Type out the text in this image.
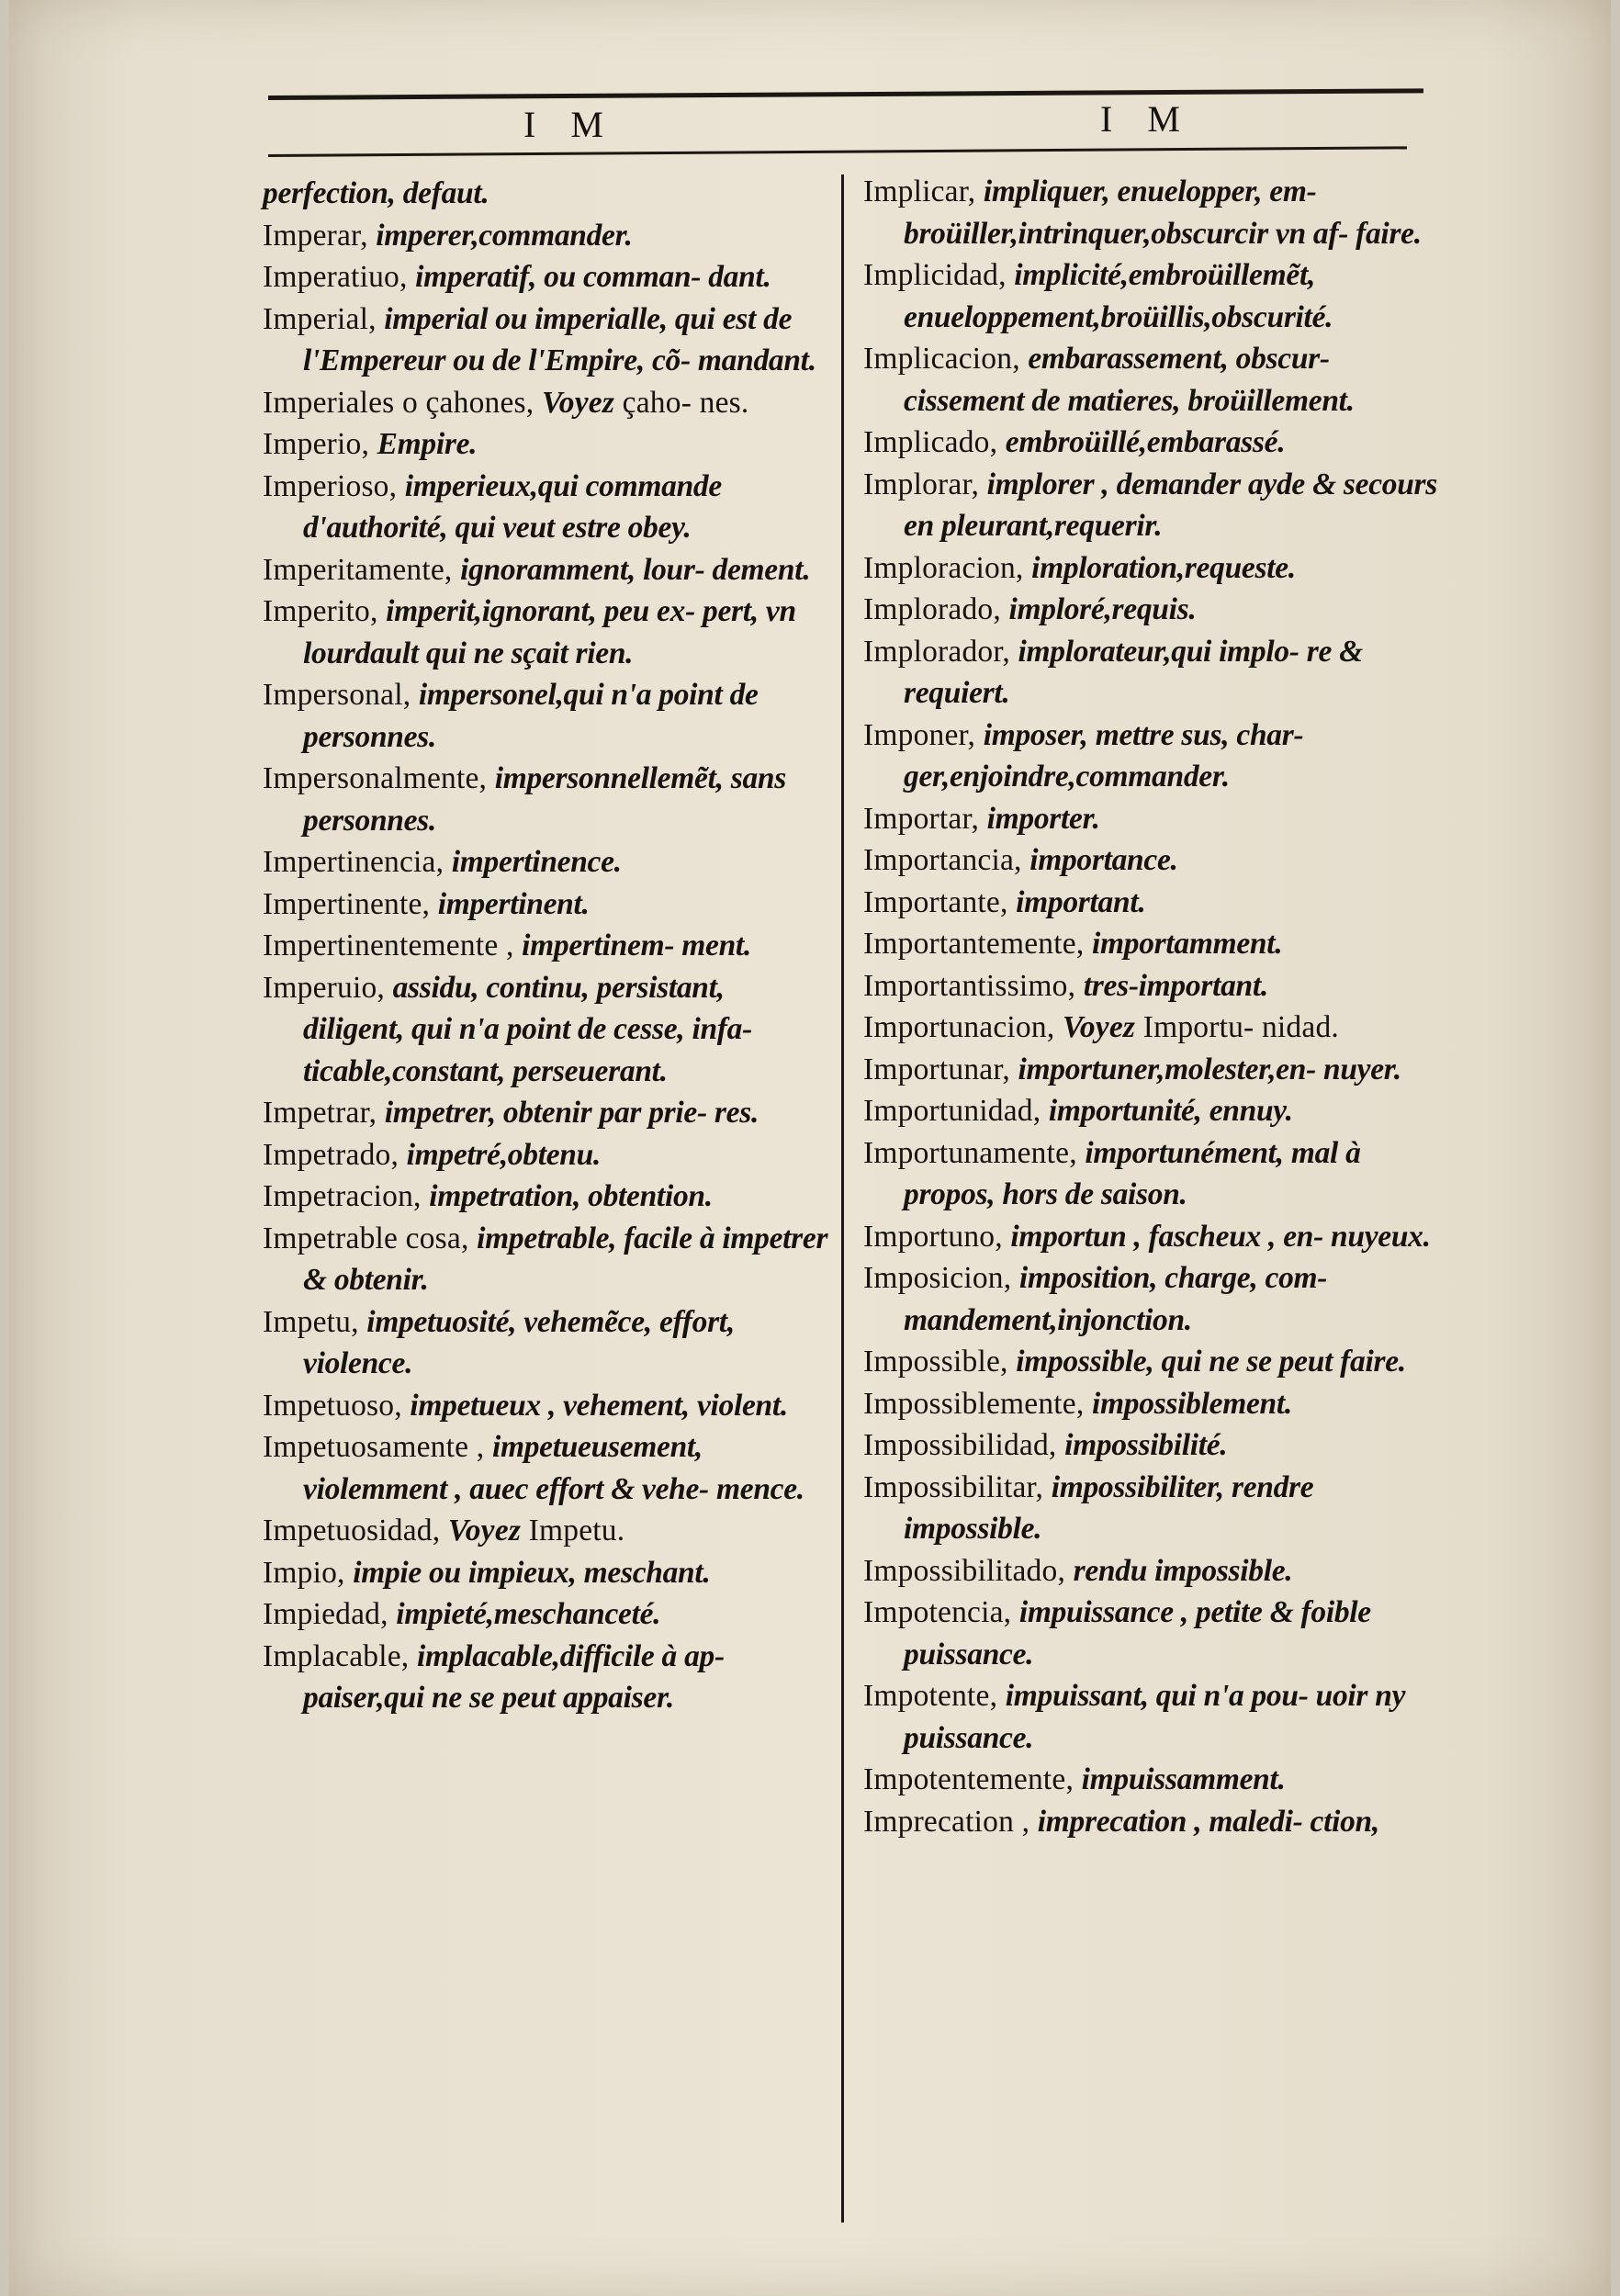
I M	I M

perfection, defaut.

Imperar, imperer,commander.

Imperatiuo, imperatif, ou comman- dant.

Imperial, imperial ou imperialle, qui est de l'Empereur ou de l'Empire, cõ- mandant.

Imperiales o çahones, Voyez çaho- nes.

Imperio, Empire.

Imperioso, imperieux,qui commande d'authorité, qui veut estre obey.

Imperitamente, ignoramment, lour- dement.

Imperito, imperit,ignorant, peu ex- pert, vn lourdault qui ne sçait rien.

Impersonal, impersonel,qui n'a point de personnes.

Impersonalmente, impersonnellemẽt, sans personnes.

Impertinencia, impertinence.

Impertinente, impertinent.

Impertinentemente , impertinem- ment.

Imperuio, assidu, continu, persistant, diligent, qui n'a point de cesse, infa- ticable,constant, perseuerant.

Impetrar, impetrer, obtenir par prie- res.

Impetrado, impetré,obtenu.

Impetracion, impetration, obtention.

Impetrable cosa, impetrable, facile à impetrer & obtenir.

Impetu, impetuosité, vehemẽce, effort, violence.

Impetuoso, impetueux , vehement, violent.

Impetuosamente , impetueusement, violemment , auec effort & vehe- mence.

Impetuosidad, Voyez Impetu.

Impio, impie ou impieux, meschant.

Impiedad, impieté,meschanceté.

Implacable, implacable,difficile à ap- paiser,qui ne se peut appaiser.

Implicar, impliquer, enuelopper, em- broüiller,intrinquer,obscurcir vn af- faire.

Implicidad, implicité,embroüillemẽt, enueloppement,broüillis,obscurité.

Implicacion, embarassement, obscur- cissement de matieres, broüillement.

Implicado, embroüillé,embarassé.

Implorar, implorer , demander ayde & secours en pleurant,requerir.

Imploracion, imploration,requeste.

Implorado, imploré,requis.

Implorador, implorateur,qui implo- re & requiert.

Imponer, imposer, mettre sus, char- ger,enjoindre,commander.

Importar, importer.

Importancia, importance.

Importante, important.

Importantemente, importamment.

Importantissimo, tres-important.

Importunacion, Voyez Importu- nidad.

Importunar, importuner,molester,en- nuyer.

Importunidad, importunité, ennuy.

Importunamente, importunément, mal à propos, hors de saison.

Importuno, importun , fascheux , en- nuyeux.

Imposicion, imposition, charge, com- mandement,injonction.

Impossible, impossible, qui ne se peut faire.

Impossiblemente, impossiblement.

Impossibilidad, impossibilité.

Impossibilitar, impossibiliter, rendre impossible.

Impossibilitado, rendu impossible.

Impotencia, impuissance , petite & foible puissance.

Impotente, impuissant, qui n'a pou- uoir ny puissance.

Impotentemente, impuissamment.

Imprecation , imprecation , maledi- ction,
